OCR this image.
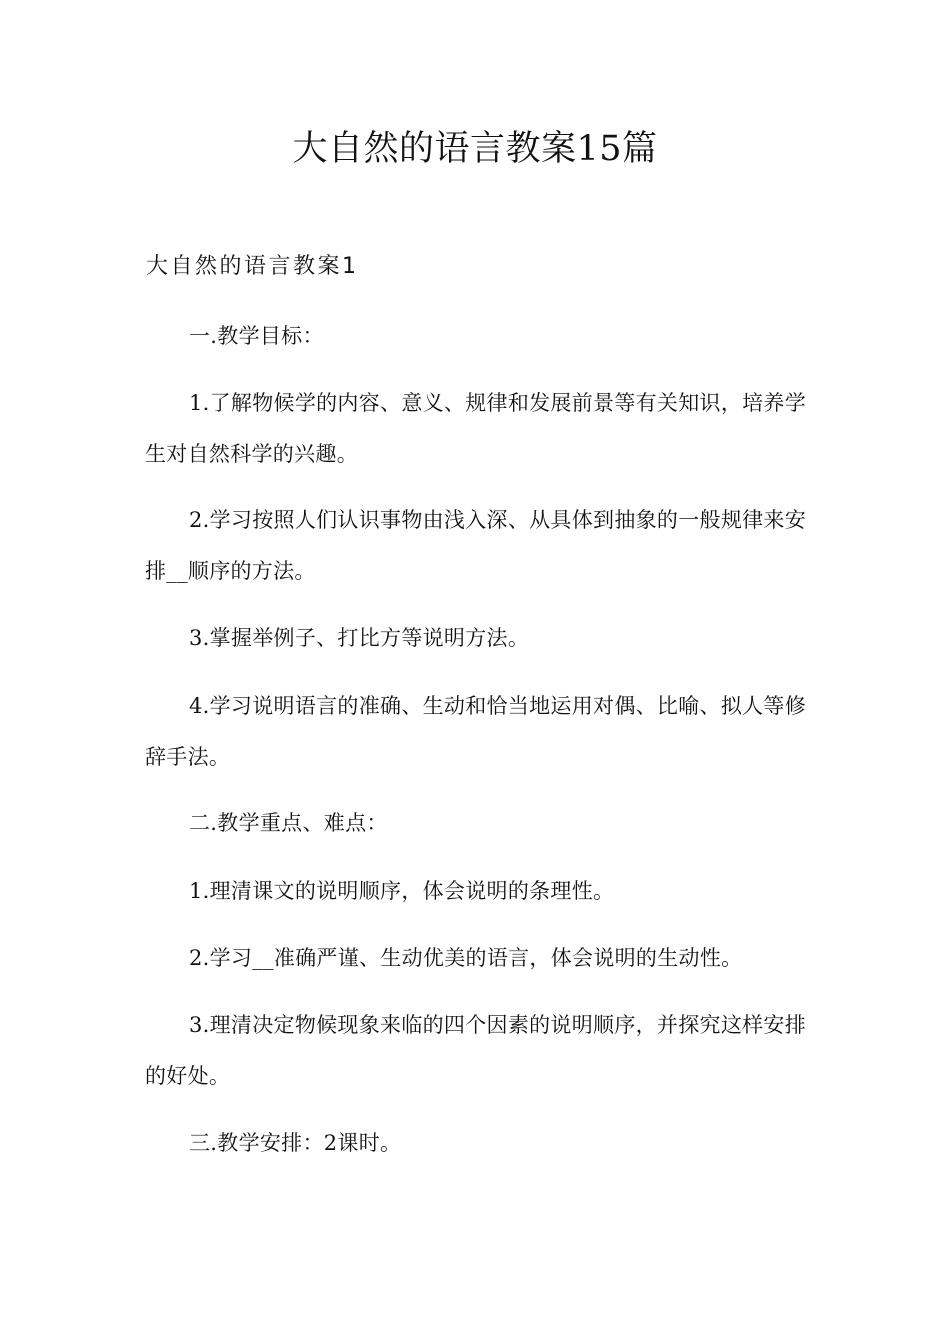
大自然的语言教案15篇
大自然的语言教案1
一.教学目标：
1.了解物候学的内容、意义、规律和发展前景等有关知识，培养学生对自然科学的兴趣。
2.学习按照人们认识事物由浅入深、从具体到抽象的一般规律来安排__顺序的方法。
3.掌握举例子、打比方等说明方法。
4.学习说明语言的准确、生动和恰当地运用对偶、比喻、拟人等修辞手法。
二.教学重点、难点：
1.理清课文的说明顺序，体会说明的条理性。
2.学习__准确严谨、生动优美的语言，体会说明的生动性。
3.理清决定物候现象来临的四个因素的说明顺序，并探究这样安排的好处。
三.教学安排：2课时。
